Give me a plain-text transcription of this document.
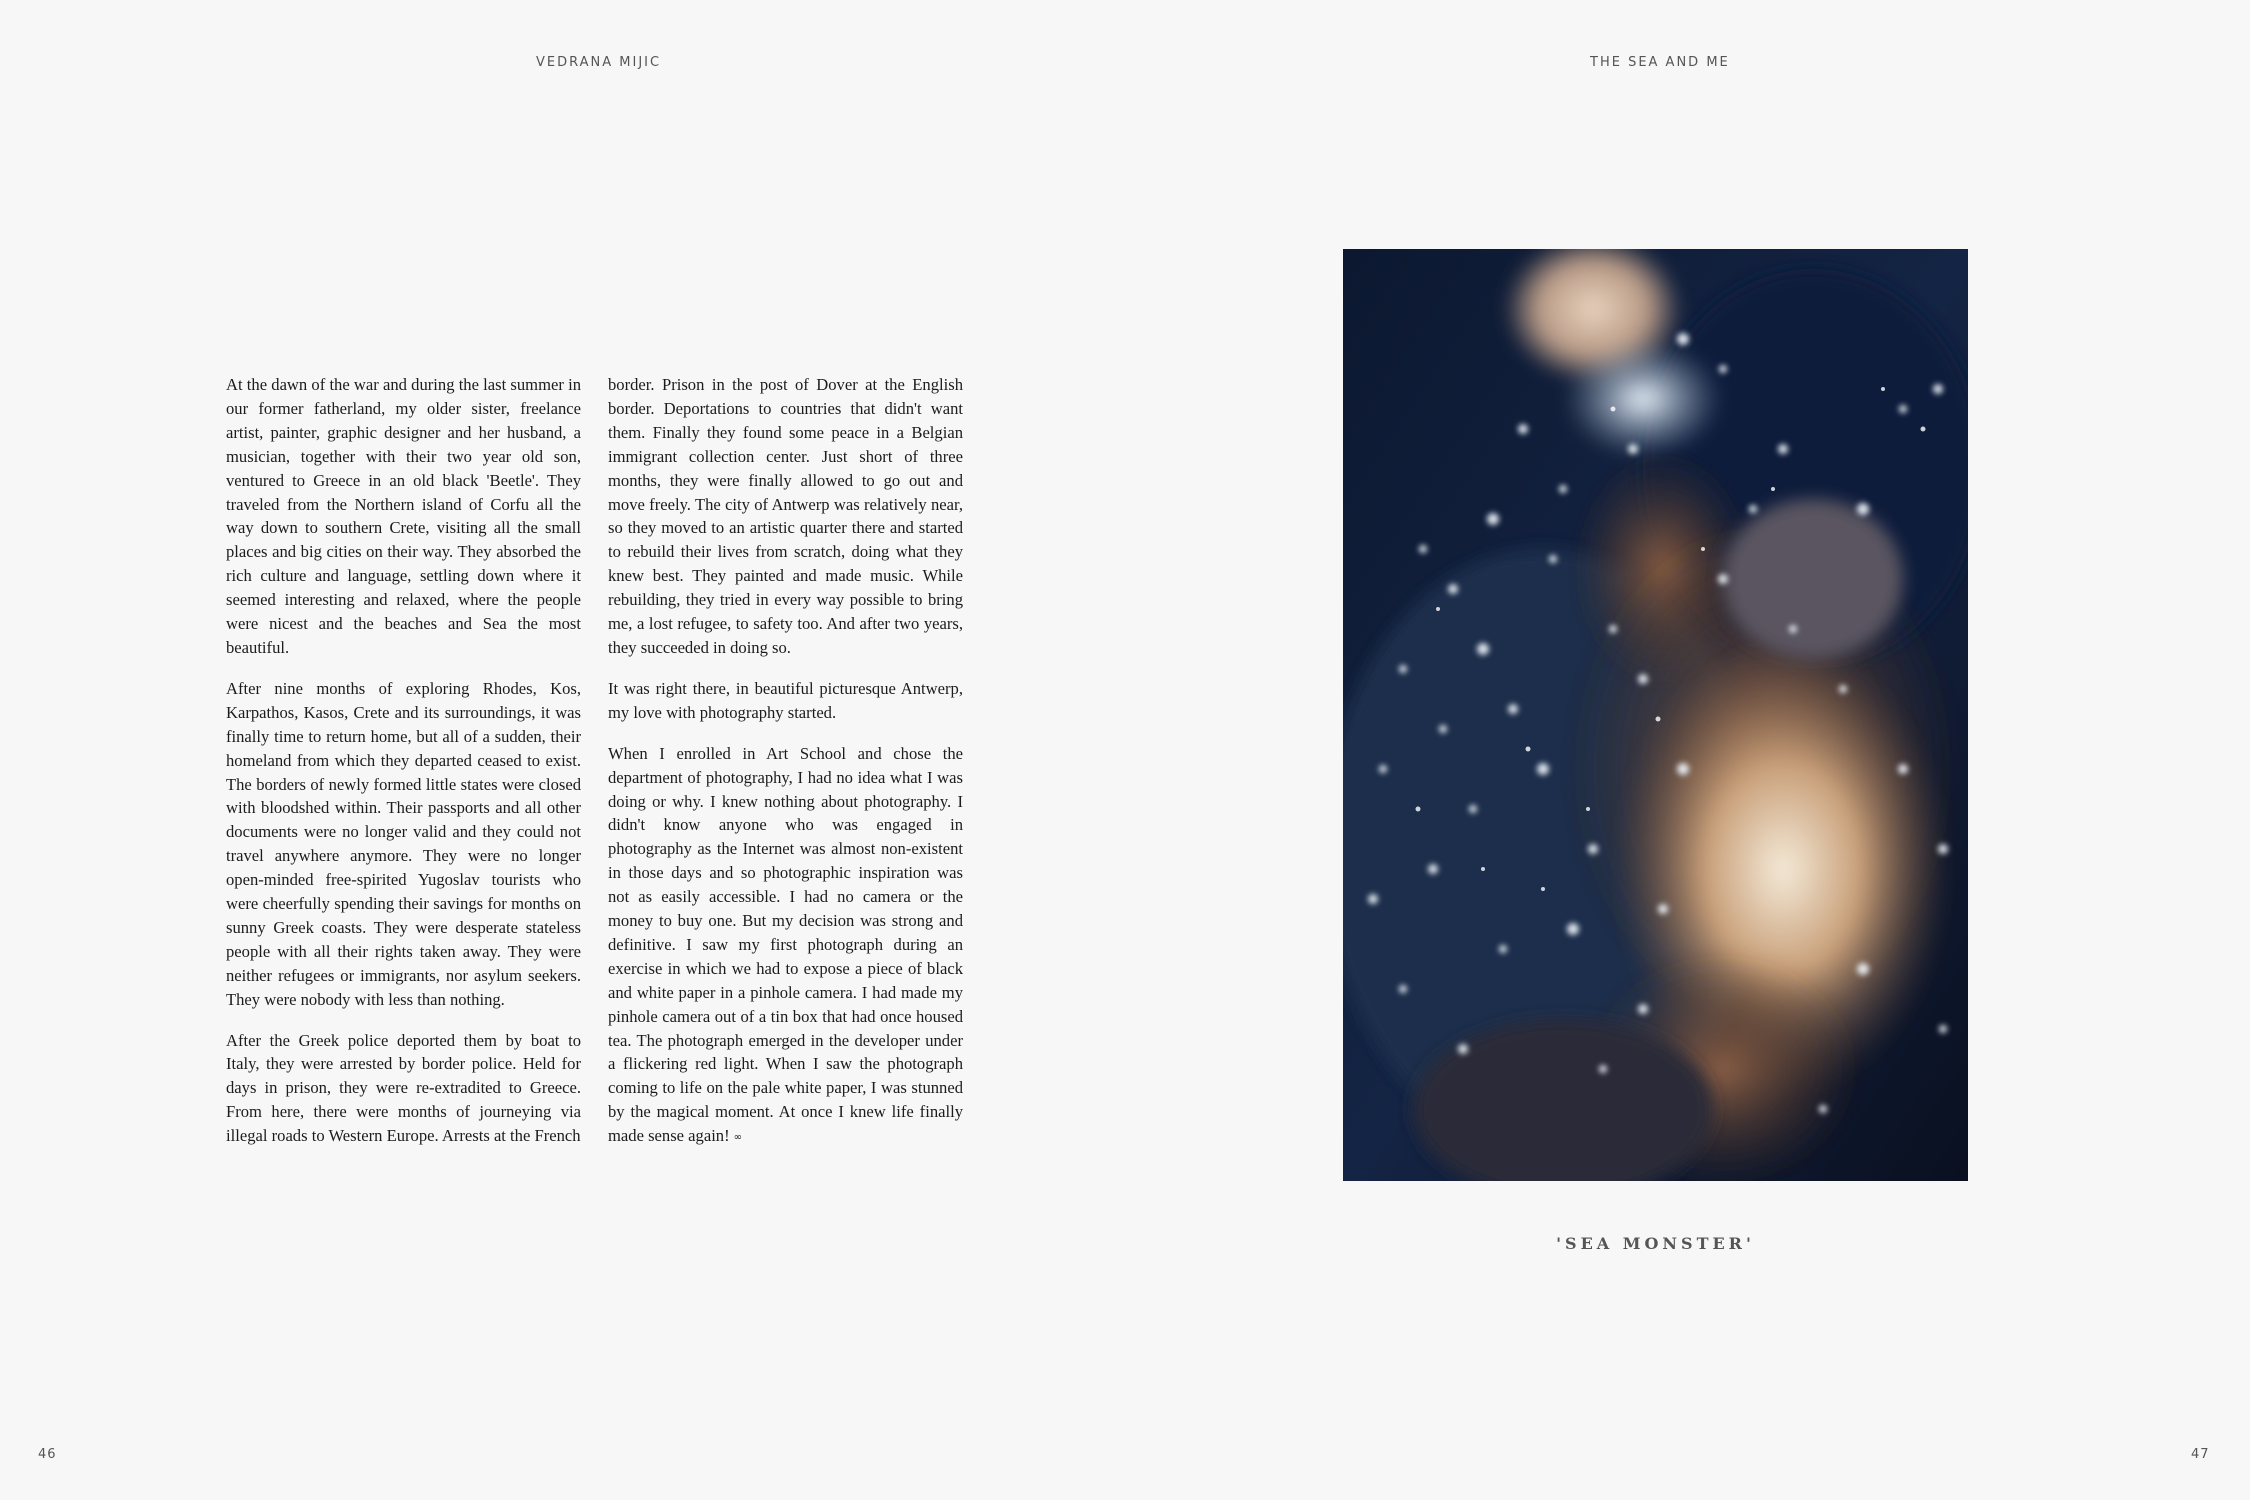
VEDRANA MIJIC	THE SEA AND ME

At the dawn of the war and during the last summer in our former fatherland, my older sister, freelance artist, painter, graphic designer and her husband, a musician, together with their two year old son, ventured to Greece in an old black 'Beetle'. They traveled from the Northern island of Corfu all the way down to southern Crete, visiting all the small places and big cities on their way. They absorbed the rich culture and language, settling down where it seemed interesting and relaxed, where the people were nicest and the beaches and Sea the most beautiful.

After nine months of exploring Rhodes, Kos, Karpathos, Kasos, Crete and its surroundings, it was finally time to return home, but all of a sudden, their homeland from which they departed ceased to exist. The borders of newly formed little states were closed with bloodshed within. Their passports and all other documents were no longer valid and they could not travel anywhere anymore. They were no longer open-minded free-spirited Yugoslav tourists who were cheerfully spending their savings for months on sunny Greek coasts. They were desperate stateless people with all their rights taken away. They were neither refugees or immigrants, nor asylum seekers. They were nobody with less than nothing.

After the Greek police deported them by boat to Italy, they were arrested by border police. Held for days in prison, they were re-extradited to Greece. From here, there were months of journeying via illegal roads to Western Europe. Arrests at the French

border. Prison in the post of Dover at the English border. Deportations to countries that didn't want them. Finally they found some peace in a Belgian immigrant collection center. Just short of three months, they were finally allowed to go out and move freely. The city of Antwerp was relatively near, so they moved to an artistic quarter there and started to rebuild their lives from scratch, doing what they knew best. They painted and made music. While rebuilding, they tried in every way possible to bring me, a lost refugee, to safety too. And after two years, they succeeded in doing so.

It was right there, in beautiful picturesque Antwerp, my love with photography started.

When I enrolled in Art School and chose the department of photography, I had no idea what I was doing or why. I knew nothing about photography. I didn't know anyone who was engaged in photography as the Internet was almost non-existent in those days and so photographic inspiration was not as easily accessible. I had no camera or the money to buy one. But my decision was strong and definitive. I saw my first photograph during an exercise in which we had to expose a piece of black and white paper in a pinhole camera. I had made my pinhole camera out of a tin box that had once housed tea. The photograph emerged in the developer under a flickering red light. When I saw the photograph coming to life on the pale white paper, I was stunned by the magical moment. At once I knew life finally made sense again! ∞

'SEA MONSTER'
46	47
